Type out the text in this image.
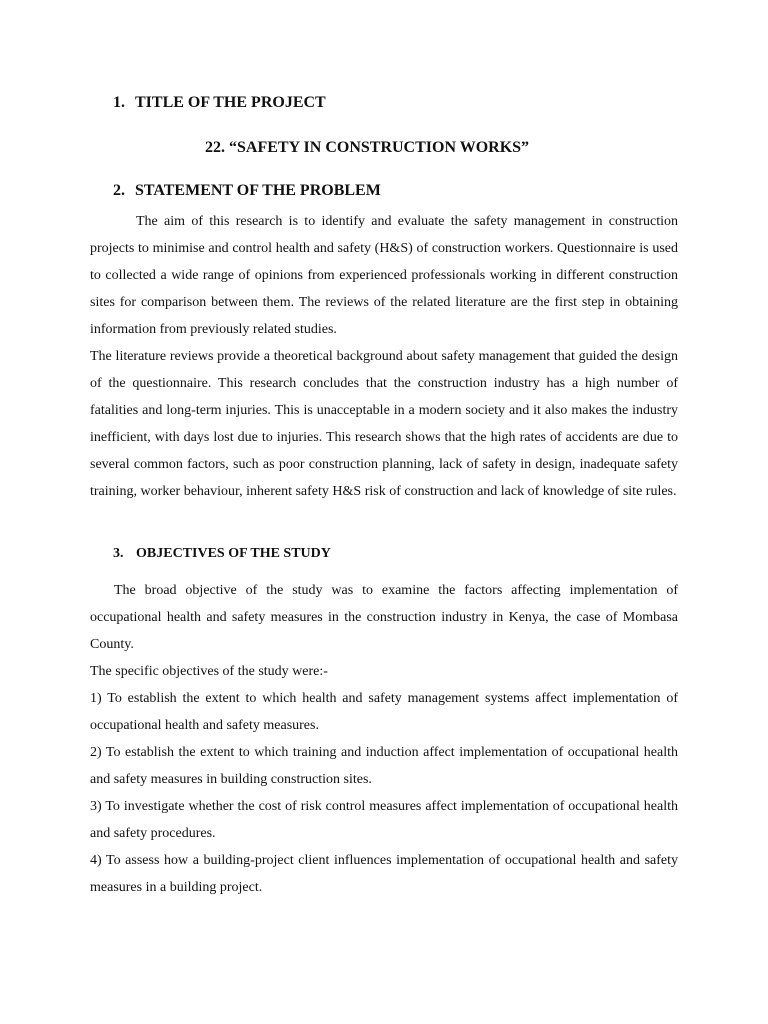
1. TITLE OF THE PROJECT
22. “SAFETY IN CONSTRUCTION WORKS”
2. STATEMENT OF THE PROBLEM

The aim of this research is to identify and evaluate the safety management in construction projects to minimise and control health and safety (H&S) of construction workers. Questionnaire is used to collected a wide range of opinions from experienced professionals working in different construction sites for comparison between them. The reviews of the related literature are the first step in obtaining information from previously related studies.

The literature reviews provide a theoretical background about safety management that guided the design of the questionnaire. This research concludes that the construction industry has a high number of fatalities and long-term injuries. This is unacceptable in a modern society and it also makes the industry inefficient, with days lost due to injuries. This research shows that the high rates of accidents are due to several common factors, such as poor construction planning, lack of safety in design, inadequate safety training, worker behaviour, inherent safety H&S risk of construction and lack of knowledge of site rules.

3. OBJECTIVES OF THE STUDY

The broad objective of the study was to examine the factors affecting implementation of occupational health and safety measures in the construction industry in Kenya, the case of Mombasa County.

The specific objectives of the study were:-

1) To establish the extent to which health and safety management systems affect implementation of occupational health and safety measures.

2) To establish the extent to which training and induction affect implementation of occupational health and safety measures in building construction sites.

3) To investigate whether the cost of risk control measures affect implementation of occupational health and safety procedures.

4) To assess how a building-project client influences implementation of occupational health and safety measures in a building project.
